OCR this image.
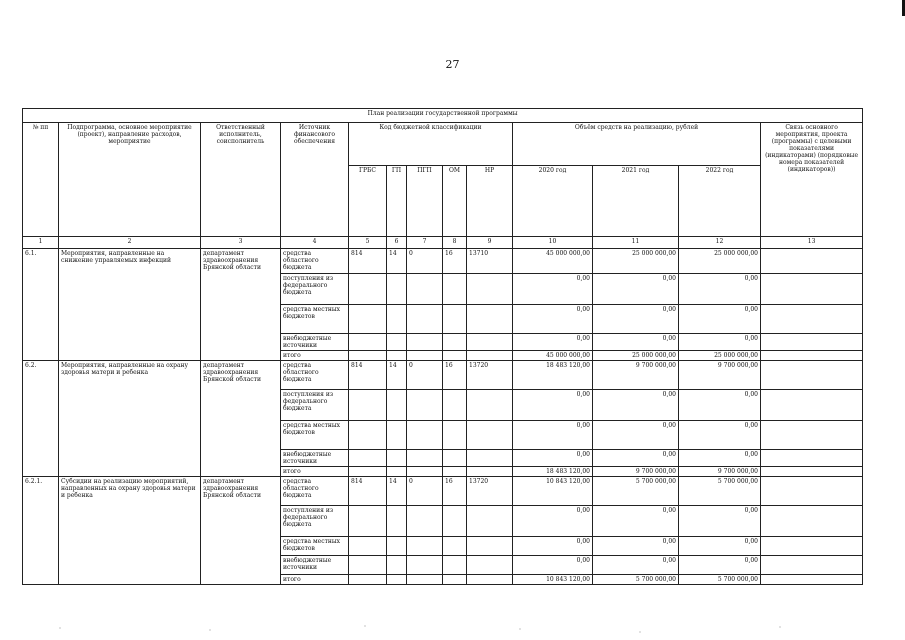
27
План реализации государственной программы												
№ пп	Подпрограмма, основное мероприятие (проект), направление расходов, мероприятие	Ответственный исполнитель, соисполнитель	Источник финансового обеспечения	Код бюджетной классификации					Объём средств на реализацию, рублей			Связь основного мероприятия, проекта (программы) с целевыми показателями (индикаторами) (порядковые номера показателей (индикаторов))
				ГРБС	ГП	ПГП	ОМ	НР	2020 год	2021 год	2022 год	
1	2	3	4	5	6	7	8	9	10	11	12	13
6.1.	Мероприятия, направленные на снижение управляемых инфекций	департамент здравоохранения Брянской области	средства областного бюджета	814	14	0	16	13710	45 000 000,00	25 000 000,00	25 000 000,00	
			поступления из федерального бюджета						0,00	0,00	0,00	
			средства местных бюджетов						0,00	0,00	0,00	
			внебюджетные источники						0,00	0,00	0,00	
			итого						45 000 000,00	25 000 000,00	25 000 000,00	
6.2.	Мероприятия, направленные на охрану здоровья матери и ребенка	департамент здравоохранения Брянской области	средства областного бюджета	814	14	0	16	13720	18 483 120,00	9 700 000,00	9 700 000,00	
			поступления из федерального бюджета						0,00	0,00	0,00	
			средства местных бюджетов						0,00	0,00	0,00	
			внебюджетные источники						0,00	0,00	0,00	
			итого						18 483 120,00	9 700 000,00	9 700 000,00	
6.2.1.	Субсидии на реализацию мероприятий, направленных на охрану здоровья матери и ребенка	департамент здравоохранения Брянской области	средства областного бюджета	814	14	0	16	13720	10 843 120,00	5 700 000,00	5 700 000,00	
			поступления из федерального бюджета						0,00	0,00	0,00	
			средства местных бюджетов						0,00	0,00	0,00	
			внебюджетные источники						0,00	0,00	0,00	
			итого						10 843 120,00	5 700 000,00	5 700 000,00	
